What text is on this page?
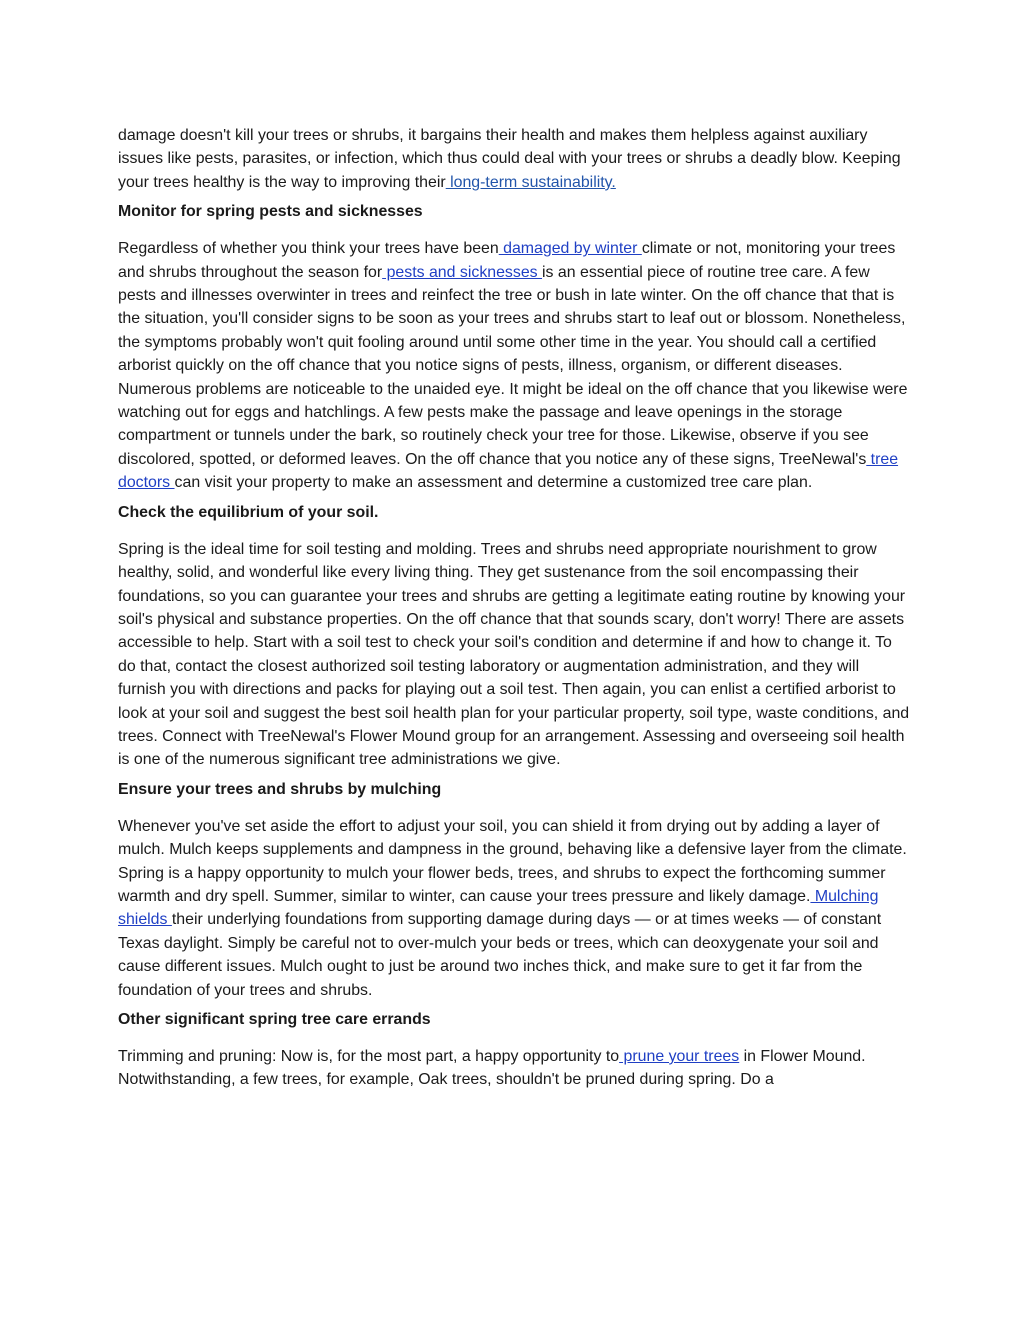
damage doesn't kill your trees or shrubs, it bargains their health and makes them helpless against auxiliary issues like pests, parasites, or infection, which thus could deal with your trees or shrubs a deadly blow. Keeping your trees healthy is the way to improving their long-term sustainability.

Monitor for spring pests and sicknesses

Regardless of whether you think your trees have been damaged by winter climate or not, monitoring your trees and shrubs throughout the season for pests and sicknesses is an essential piece of routine tree care. A few pests and illnesses overwinter in trees and reinfect the tree or bush in late winter. On the off chance that that is the situation, you'll consider signs to be soon as your trees and shrubs start to leaf out or blossom. Nonetheless, the symptoms probably won't quit fooling around until some other time in the year. You should call a certified arborist quickly on the off chance that you notice signs of pests, illness, organism, or different diseases. Numerous problems are noticeable to the unaided eye. It might be ideal on the off chance that you likewise were watching out for eggs and hatchlings. A few pests make the passage and leave openings in the storage compartment or tunnels under the bark, so routinely check your tree for those. Likewise, observe if you see discolored, spotted, or deformed leaves. On the off chance that you notice any of these signs, TreeNewal's tree doctors can visit your property to make an assessment and determine a customized tree care plan.

Check the equilibrium of your soil.

Spring is the ideal time for soil testing and molding. Trees and shrubs need appropriate nourishment to grow healthy, solid, and wonderful like every living thing. They get sustenance from the soil encompassing their foundations, so you can guarantee your trees and shrubs are getting a legitimate eating routine by knowing your soil's physical and substance properties. On the off chance that that sounds scary, don't worry! There are assets accessible to help. Start with a soil test to check your soil's condition and determine if and how to change it. To do that, contact the closest authorized soil testing laboratory or augmentation administration, and they will furnish you with directions and packs for playing out a soil test. Then again, you can enlist a certified arborist to look at your soil and suggest the best soil health plan for your particular property, soil type, waste conditions, and trees. Connect with TreeNewal's Flower Mound group for an arrangement. Assessing and overseeing soil health is one of the numerous significant tree administrations we give.

Ensure your trees and shrubs by mulching

Whenever you've set aside the effort to adjust your soil, you can shield it from drying out by adding a layer of mulch. Mulch keeps supplements and dampness in the ground, behaving like a defensive layer from the climate. Spring is a happy opportunity to mulch your flower beds, trees, and shrubs to expect the forthcoming summer warmth and dry spell. Summer, similar to winter, can cause your trees pressure and likely damage. Mulching shields their underlying foundations from supporting damage during days — or at times weeks — of constant Texas daylight. Simply be careful not to over-mulch your beds or trees, which can deoxygenate your soil and cause different issues. Mulch ought to just be around two inches thick, and make sure to get it far from the foundation of your trees and shrubs.

Other significant spring tree care errands

Trimming and pruning: Now is, for the most part, a happy opportunity to prune your trees in Flower Mound. Notwithstanding, a few trees, for example, Oak trees, shouldn't be pruned during spring. Do a
